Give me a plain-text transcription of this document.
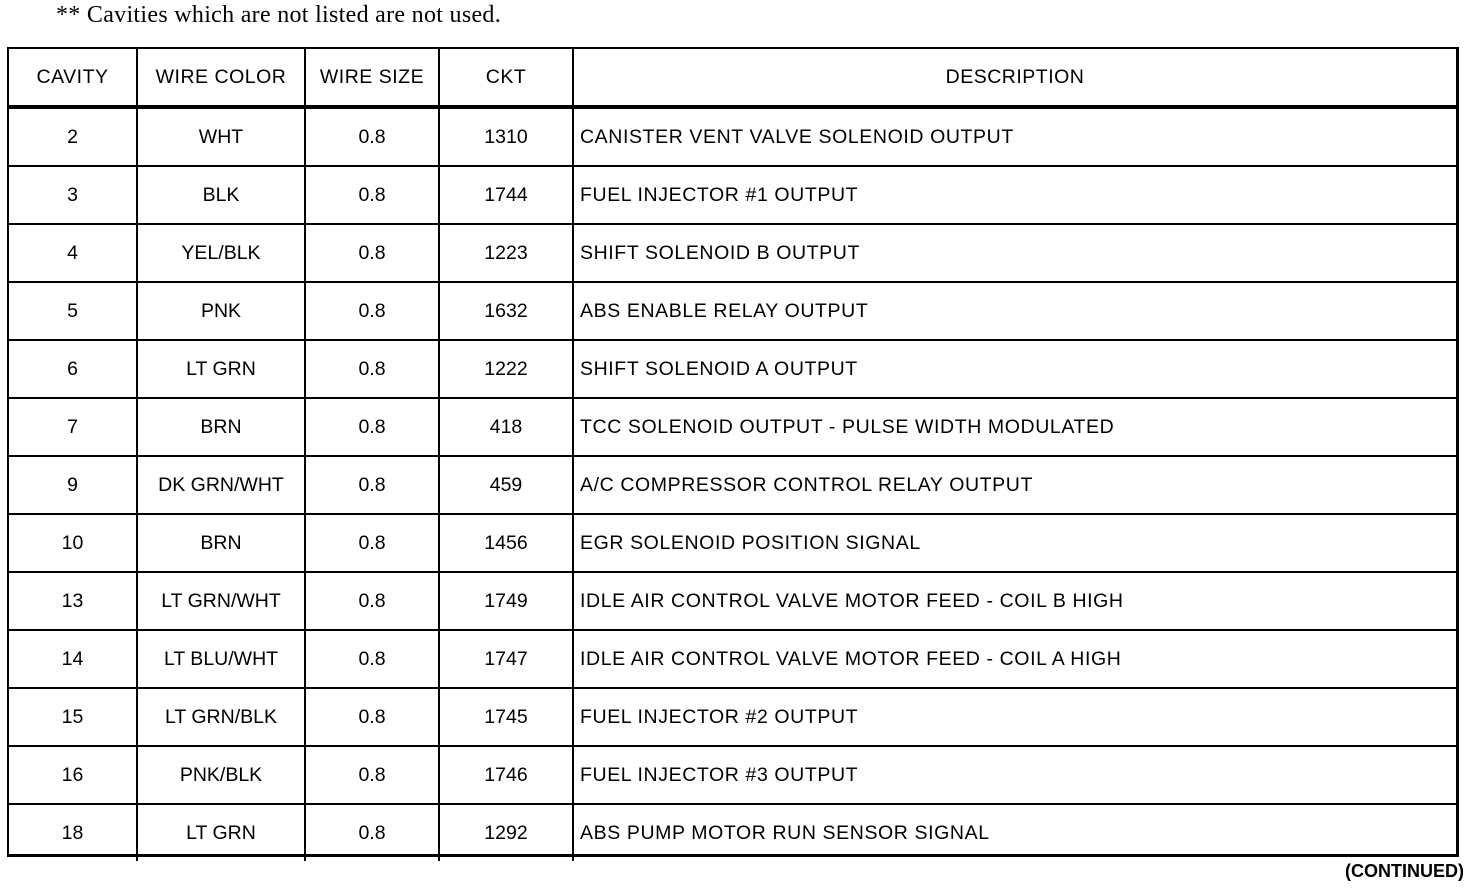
** Cavities which are not listed are not used.
CAVITY	WIRE COLOR	WIRE SIZE	CKT	DESCRIPTION
2	WHT	0.8	1310	CANISTER VENT VALVE SOLENOID OUTPUT
3	BLK	0.8	1744	FUEL INJECTOR #1 OUTPUT
4	YEL/BLK	0.8	1223	SHIFT SOLENOID B OUTPUT
5	PNK	0.8	1632	ABS ENABLE RELAY OUTPUT
6	LT GRN	0.8	1222	SHIFT SOLENOID A OUTPUT
7	BRN	0.8	418	TCC SOLENOID OUTPUT - PULSE WIDTH MODULATED
9	DK GRN/WHT	0.8	459	A/C COMPRESSOR CONTROL RELAY OUTPUT
10	BRN	0.8	1456	EGR SOLENOID POSITION SIGNAL
13	LT GRN/WHT	0.8	1749	IDLE AIR CONTROL VALVE MOTOR FEED - COIL B HIGH
14	LT BLU/WHT	0.8	1747	IDLE AIR CONTROL VALVE MOTOR FEED - COIL A HIGH
15	LT GRN/BLK	0.8	1745	FUEL INJECTOR #2 OUTPUT
16	PNK/BLK	0.8	1746	FUEL INJECTOR #3 OUTPUT
18	LT GRN	0.8	1292	ABS PUMP MOTOR RUN SENSOR SIGNAL
(CONTINUED)
